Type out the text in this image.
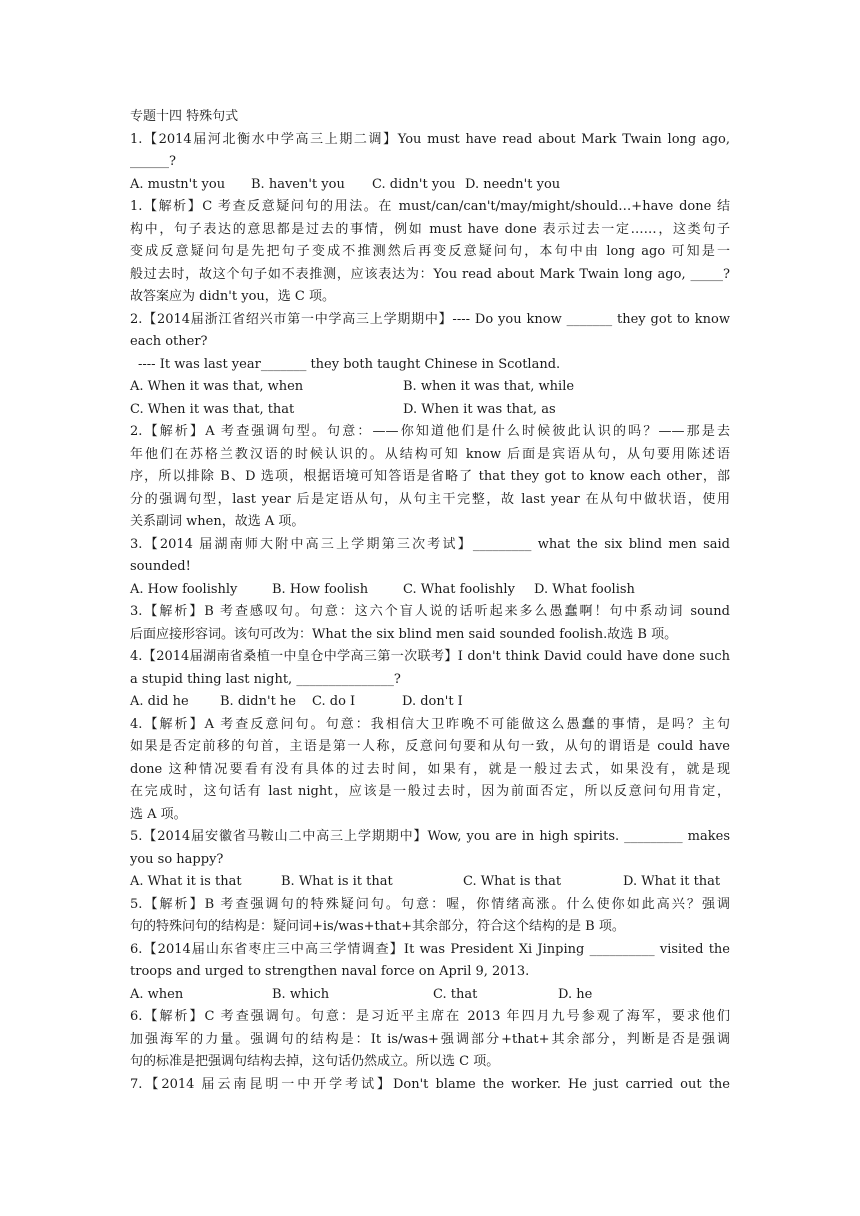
专题十四 特殊句式
1.【2014届河北衡水中学高三上期二调】You must have read about Mark Twain long ago,
______?
A. mustn't you	B. haven't you	C. didn't you D. needn't you
1.【解析】C 考查反意疑问句的用法。在 must/can/can't/may/might/should…+have done 结
构中，句子表达的意思都是过去的事情，例如 must have done 表示过去一定……，这类句子
变成反意疑问句是先把句子变成不推测然后再变反意疑问句，本句中由 long ago 可知是一
般过去时，故这个句子如不表推测，应该表达为：You read about Mark Twain long ago, _____?
故答案应为 didn't you，选 C 项。
2.【2014届浙江省绍兴市第一中学高三上学期期中】---- Do you know _______ they got to know
each other?
---- It was last year_______ they both taught Chinese in Scotland.
A. When it was that, when	B. when it was that, while
C. When it was that, that	D. When it was that, as
2.【解析】A 考查强调句型。句意：——你知道他们是什么时候彼此认识的吗？——那是去
年他们在苏格兰教汉语的时候认识的。从结构可知 know 后面是宾语从句，从句要用陈述语
序，所以排除 B、D 选项，根据语境可知答语是省略了 that they got to know each other，部
分的强调句型，last year 后是定语从句，从句主干完整，故 last year 在从句中做状语，使用
关系副词 when，故选 A 项。
3.【2014 届湖南师大附中高三上学期第三次考试】_________ what the six blind men said
sounded!
A. How foolishly	B. How foolish	C. What foolishly	D. What foolish
3.【解析】B 考查感叹句。句意：这六个盲人说的话听起来多么愚蠢啊！句中系动词 sound
后面应接形容词。该句可改为：What the six blind men said sounded foolish.故选 B 项。
4.【2014届湖南省桑植一中皇仓中学高三第一次联考】I don't think David could have done such
a stupid thing last night, _______________?
A. did he	B. didn't he	C. do I	D. don't I
4.【解析】A 考查反意问句。句意：我相信大卫昨晚不可能做这么愚蠢的事情，是吗？主句
如果是否定前移的句首，主语是第一人称，反意问句要和从句一致，从句的谓语是 could have
done 这种情况要看有没有具体的过去时间，如果有，就是一般过去式，如果没有，就是现
在完成时，这句话有 last night，应该是一般过去时，因为前面否定，所以反意问句用肯定，
选 A 项。
5.【2014届安徽省马鞍山二中高三上学期期中】Wow, you are in high spirits. _________ makes
you so happy?
A. What it is that	B. What is it that	C. What is that	D. What it that
5.【解析】B 考查强调句的特殊疑问句。句意：喔，你情绪高涨。什么使你如此高兴？强调
句的特殊问句的结构是：疑问词+is/was+that+其余部分，符合这个结构的是 B 项。
6.【2014届山东省枣庄三中高三学情调查】It was President Xi Jinping __________ visited the
troops and urged to strengthen naval force on April 9, 2013.
A. when	B. which	C. that	D. he
6.【解析】C 考查强调句。句意：是习近平主席在 2013 年四月九号参观了海军，要求他们
加强海军的力量。强调句的结构是：It is/was+强调部分+that+其余部分，判断是否是强调
句的标准是把强调句结构去掉，这句话仍然成立。所以选 C 项。
7.【2014 届云南昆明一中开学考试】Don't blame the worker. He just carried out the
